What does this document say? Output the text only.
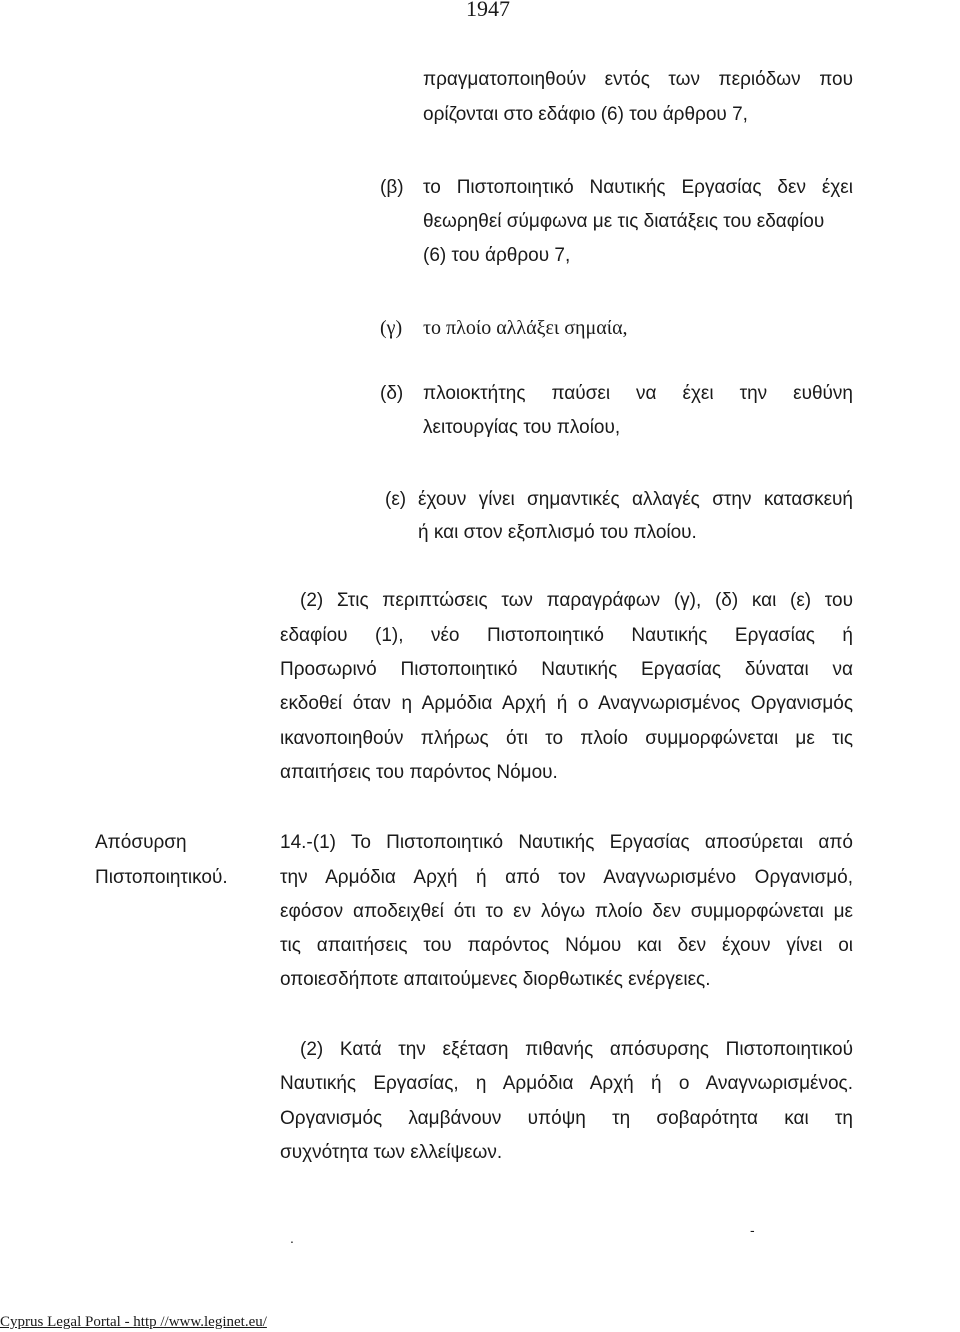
1947
πραγματοποιηθούν εντός των περιόδων που
ορίζονται στο εδάφιο (6) του άρθρου 7,
(β) το Πιστοποιητικό Ναυτικής Εργασίας δεν έχει
θεωρηθεί σύμφωνα με τις διατάξεις του εδαφίου
(6) του άρθρου 7,
(γ) το πλοίο αλλάξει σημαία,
(δ) πλοιοκτήτης παύσει να έχει την ευθύνη
λειτουργίας του πλοίου,
(ε) έχουν γίνει σημαντικές αλλαγές στην κατασκευή
ή και στον εξοπλισμό του πλοίου.
(2) Στις περιπτώσεις των παραγράφων (γ), (δ) και (ε) του
εδαφίου (1), νέο Πιστοποιητικό Ναυτικής Εργασίας ή
Προσωρινό Πιστοποιητικό Ναυτικής Εργασίας δύναται να
εκδοθεί όταν η Αρμόδια Αρχή ή ο Αναγνωρισμένος Οργανισμός
ικανοποιηθούν πλήρως ότι το πλοίο συμμορφώνεται με τις
απαιτήσεις του παρόντος Νόμου.
Απόσυρση
Πιστοποιητικού.
14.-(1) Το Πιστοποιητικό Ναυτικής Εργασίας αποσύρεται από
την Αρμόδια Αρχή ή από τον Αναγνωρισμένο Οργανισμό,
εφόσον αποδειχθεί ότι το εν λόγω πλοίο δεν συμμορφώνεται με
τις απαιτήσεις του παρόντος Νόμου και δεν έχουν γίνει οι
οποιεσδήποτε απαιτούμενες διορθωτικές ενέργειες.
(2) Κατά την εξέταση πιθανής απόσυρσης Πιστοποιητικού
Ναυτικής Εργασίας, η Αρμόδια Αρχή ή ο Αναγνωρισμένος.
Οργανισμός λαμβάνουν υπόψη τη σοβαρότητα και τη
συχνότητα των ελλείψεων.
.	-
Cyprus Legal Portal - http //www.leginet.eu/
